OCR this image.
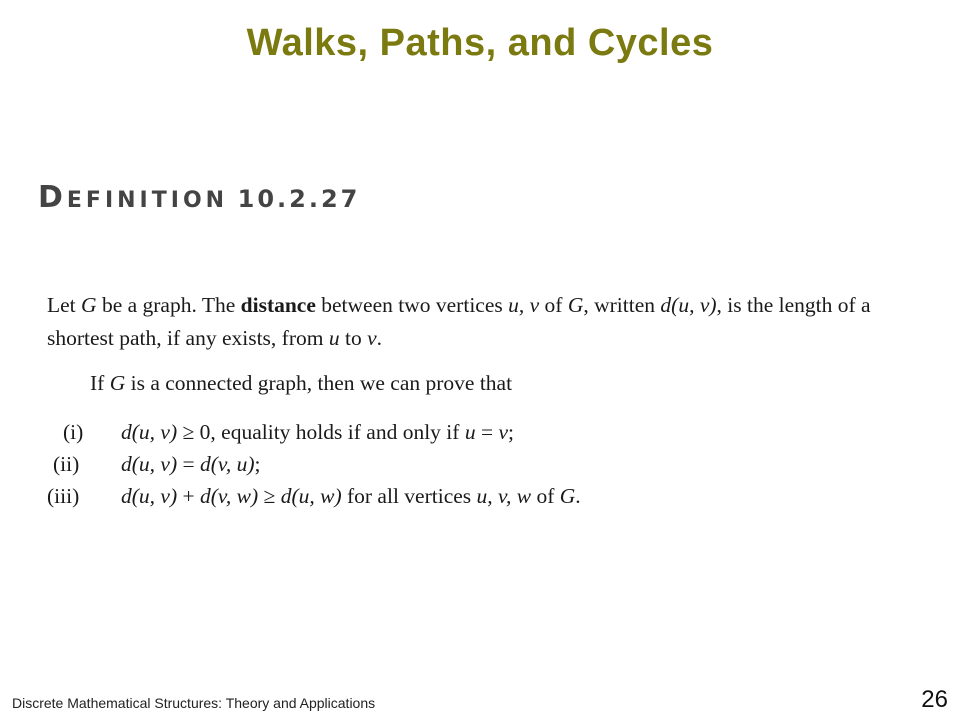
Walks, Paths, and Cycles
DEFINITION 10.2.27
Let G be a graph. The distance between two vertices u, v of G, written d(u, v), is the length of a shortest path, if any exists, from u to v.
If G is a connected graph, then we can prove that
(i)	d(u, v) ≥ 0, equality holds if and only if u = v;
(ii)	d(u, v) = d(v, u);
(iii)	d(u, v) + d(v, w) ≥ d(u, w) for all vertices u, v, w of G.
Discrete Mathematical Structures: Theory and Applications	26
